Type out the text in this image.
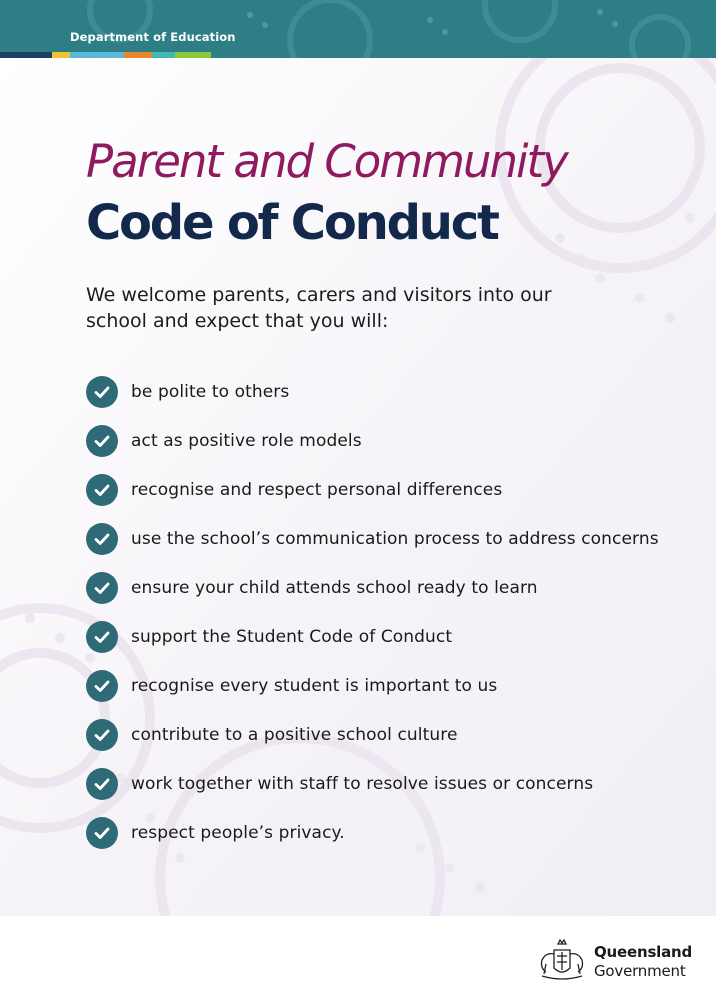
Department of Education
Parent and Community
Code of Conduct
We welcome parents, carers and visitors into our school and expect that you will:
be polite to others
act as positive role models
recognise and respect personal differences
use the school’s communication process to address concerns
ensure your child attends school ready to learn
support the Student Code of Conduct
recognise every student is important to us
contribute to a positive school culture
work together with staff to resolve issues or concerns
respect people’s privacy.
Queensland
Government
